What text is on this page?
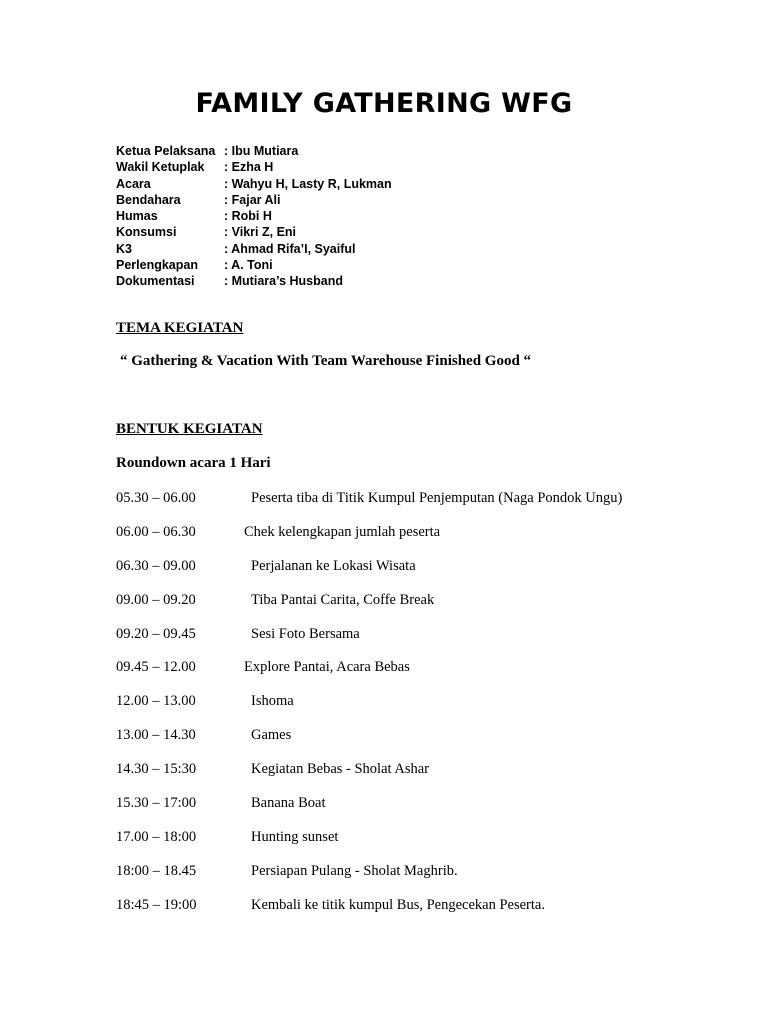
FAMILY GATHERING WFG
Ketua Pelaksana : Ibu Mutiara
Wakil Ketuplak : Ezha H
Acara	: Wahyu H, Lasty R, Lukman
Bendahara	: Fajar Ali
Humas	: Robi H
Konsumsi	: Vikri Z, Eni
K3	: Ahmad Rifa’I, Syaiful
Perlengkapan : A. Toni
Dokumentasi : Mutiara’s Husband
TEMA KEGIATAN
“ Gathering & Vacation With Team Warehouse Finished Good “
BENTUK KEGIATAN
Roundown acara 1 Hari
05.30 – 06.00	Peserta tiba di Titik Kumpul Penjemputan (Naga Pondok Ungu)
06.00 – 06.30	Chek kelengkapan jumlah peserta
06.30 – 09.00	Perjalanan ke Lokasi Wisata
09.00 – 09.20	Tiba Pantai Carita, Coffe Break
09.20 – 09.45	Sesi Foto Bersama
09.45 – 12.00	Explore Pantai, Acara Bebas
12.00 – 13.00	Ishoma
13.00 – 14.30	Games
14.30 – 15:30	Kegiatan Bebas - Sholat Ashar
15.30 – 17:00	Banana Boat
17.00 – 18:00	Hunting sunset
18:00 – 18.45	Persiapan Pulang - Sholat Maghrib.
18:45 – 19:00	Kembali ke titik kumpul Bus, Pengecekan Peserta.
